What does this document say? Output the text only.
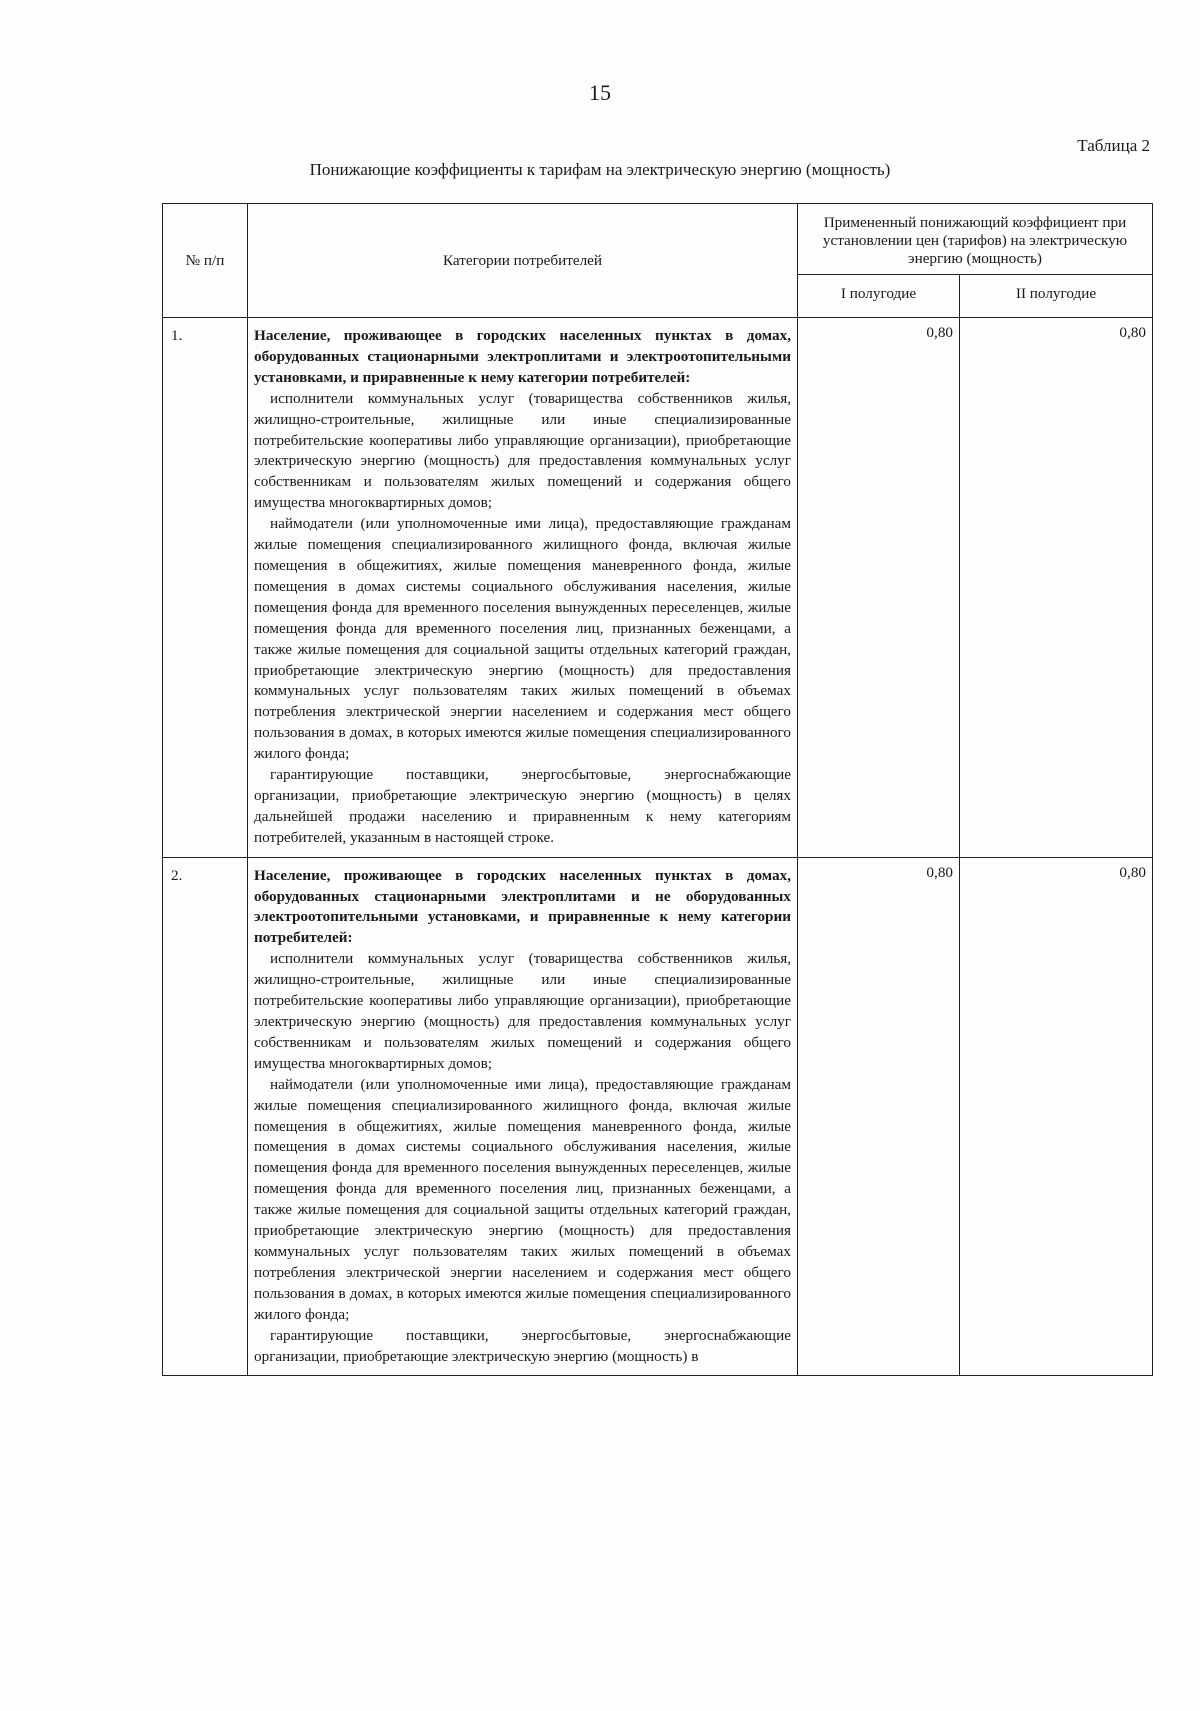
15
Таблица 2
Понижающие коэффициенты к тарифам на электрическую энергию (мощность)
№ п/п	Категории потребителей	Примененный понижающий коэффициент при установлении цен (тарифов) на электрическую энергию (мощность)	
		I полугодие	II полугодие
1.	Население, проживающее в городских населенных пунктах в домах, оборудованных стационарными электроплитами и электроотопительными установками, и приравненные к нему категории потребителей:
исполнители коммунальных услуг (товарищества собственников жилья, жилищно-строительные, жилищные или иные специализированные потребительские кооперативы либо управляющие организации), приобретающие электрическую энергию (мощность) для предоставления коммунальных услуг собственникам и пользователям жилых помещений и содержания общего имущества многоквартирных домов;
наймодатели (или уполномоченные ими лица), предоставляющие гражданам жилые помещения специализированного жилищного фонда, включая жилые помещения в общежитиях, жилые помещения маневренного фонда, жилые помещения в домах системы социального обслуживания населения, жилые помещения фонда для временного поселения вынужденных переселенцев, жилые помещения фонда для временного поселения лиц, признанных беженцами, а также жилые помещения для социальной защиты отдельных категорий граждан, приобретающие электрическую энергию (мощность) для предоставления коммунальных услуг пользователям таких жилых помещений в объемах потребления электрической энергии населением и содержания мест общего пользования в домах, в которых имеются жилые помещения специализированного жилого фонда;
гарантирующие поставщики, энергосбытовые, энергоснабжающие организации, приобретающие электрическую энергию (мощность) в целях дальнейшей продажи населению и приравненным к нему категориям потребителей, указанным в настоящей строке.	0,80	0,80
2.	Население, проживающее в городских населенных пунктах в домах, оборудованных стационарными электроплитами и не оборудованных электроотопительными установками, и приравненные к нему категории потребителей:
исполнители коммунальных услуг (товарищества собственников жилья, жилищно-строительные, жилищные или иные специализированные потребительские кооперативы либо управляющие организации), приобретающие электрическую энергию (мощность) для предоставления коммунальных услуг собственникам и пользователям жилых помещений и содержания общего имущества многоквартирных домов;
наймодатели (или уполномоченные ими лица), предоставляющие гражданам жилые помещения специализированного жилищного фонда, включая жилые помещения в общежитиях, жилые помещения маневренного фонда, жилые помещения в домах системы социального обслуживания населения, жилые помещения фонда для временного поселения вынужденных переселенцев, жилые помещения фонда для временного поселения лиц, признанных беженцами, а также жилые помещения для социальной защиты отдельных категорий граждан, приобретающие электрическую энергию (мощность) для предоставления коммунальных услуг пользователям таких жилых помещений в объемах потребления электрической энергии населением и содержания мест общего пользования в домах, в которых имеются жилые помещения специализированного жилого фонда;
гарантирующие поставщики, энергосбытовые, энергоснабжающие организации, приобретающие электрическую энергию (мощность) в	0,80	0,80
